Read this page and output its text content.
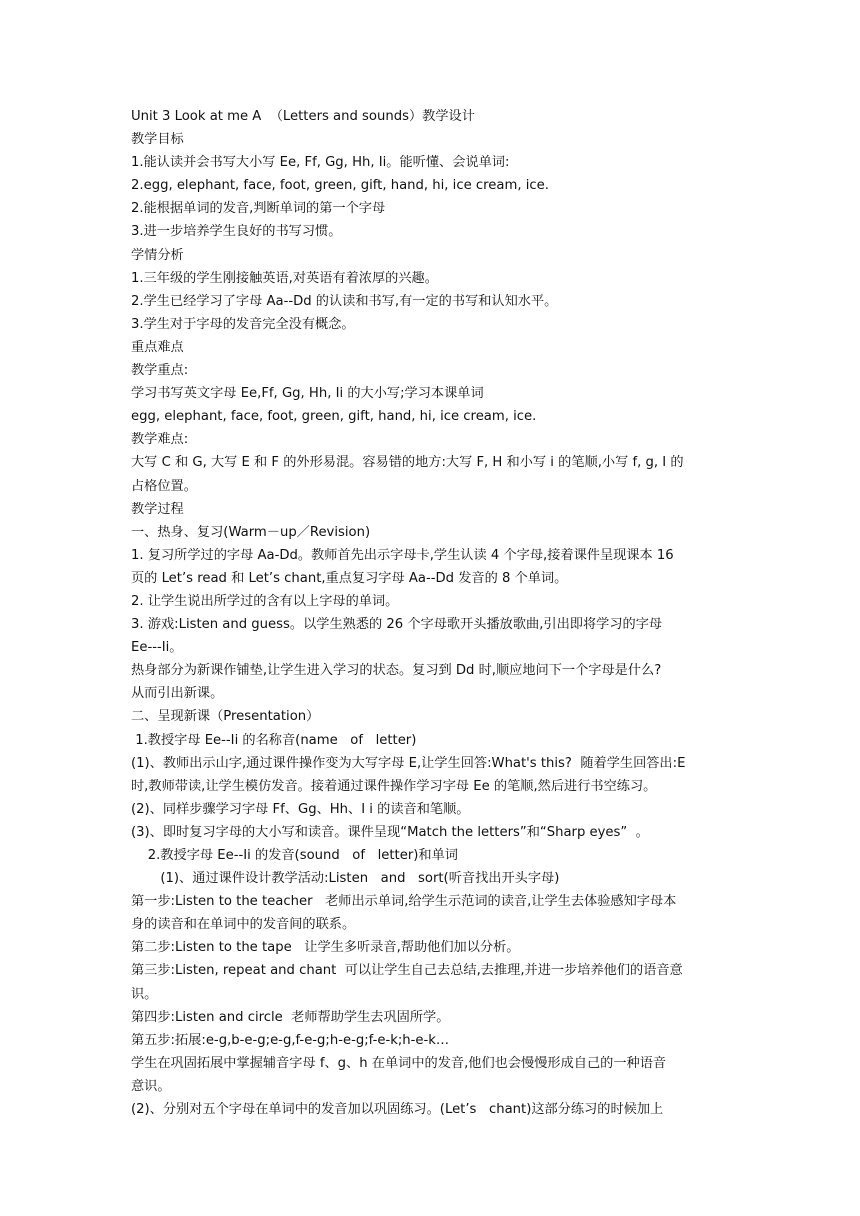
Unit 3 Look at me A  （Letters and sounds）教学设计
教学目标
1.能认读并会书写大小写 Ee, Ff, Gg, Hh, Ii。能听懂、会说单词:
2.egg, elephant, face, foot, green, gift, hand, hi, ice cream, ice.
2.能根据单词的发音,判断单词的第一个字母
3.进一步培养学生良好的书写习惯。
学情分析
1.三年级的学生刚接触英语,对英语有着浓厚的兴趣。
2.学生已经学习了字母 Aa--Dd 的认读和书写,有一定的书写和认知水平。
3.学生对于字母的发音完全没有概念。
重点难点
教学重点:
学习书写英文字母 Ee,Ff, Gg, Hh, Ii 的大小写;学习本课单词
egg, elephant, face, foot, green, gift, hand, hi, ice cream, ice.
教学难点:
大写 C 和 G, 大写 E 和 F 的外形易混。容易错的地方:大写 F, H 和小写 i 的笔顺,小写 f, g, I 的
占格位置。
教学过程
一、热身、复习(Warm－up／Revision)
1. 复习所学过的字母 Aa-Dd。教师首先出示字母卡,学生认读 4 个字母,接着课件呈现课本 16
页的 Let’s read 和 Let’s chant,重点复习字母 Aa--Dd 发音的 8 个单词。
2. 让学生说出所学过的含有以上字母的单词。
3. 游戏:Listen and guess。以学生熟悉的 26 个字母歌开头播放歌曲,引出即将学习的字母
Ee---Ii。
热身部分为新课作铺垫,让学生进入学习的状态。复习到 Dd 时,顺应地问下一个字母是什么?
从而引出新课。
二、呈现新课（Presentation）
1.教授字母 Ee--Ii 的名称音(name   of   letter)
(1)、教师出示山字,通过课件操作变为大写字母 E,让学生回答:What's this?  随着学生回答出:E
时,教师带读,让学生模仿发音。接着通过课件操作学习字母 Ee 的笔顺,然后进行书空练习。
(2)、同样步骤学习字母 Ff、Gg、Hh、I i 的读音和笔顺。
(3)、即时复习字母的大小写和读音。课件呈现“Match the letters”和“Sharp eyes”  。
2.教授字母 Ee--Ii 的发音(sound   of   letter)和单词
(1)、通过课件设计教学活动:Listen   and   sort(听音找出开头字母)
第一步:Listen to the teacher   老师出示单词,给学生示范词的读音,让学生去体验感知字母本
身的读音和在单词中的发音间的联系。
第二步:Listen to the tape   让学生多听录音,帮助他们加以分析。
第三步:Listen, repeat and chant  可以让学生自己去总结,去推理,并进一步培养他们的语音意
识。
第四步:Listen and circle  老师帮助学生去巩固所学。
第五步:拓展:e-g,b-e-g;e-g,f-e-g;h-e-g;f-e-k;h-e-k…
学生在巩固拓展中掌握辅音字母 f、g、h 在单词中的发音,他们也会慢慢形成自己的一种语音
意识。
(2)、分别对五个字母在单词中的发音加以巩固练习。(Let’s   chant)这部分练习的时候加上
